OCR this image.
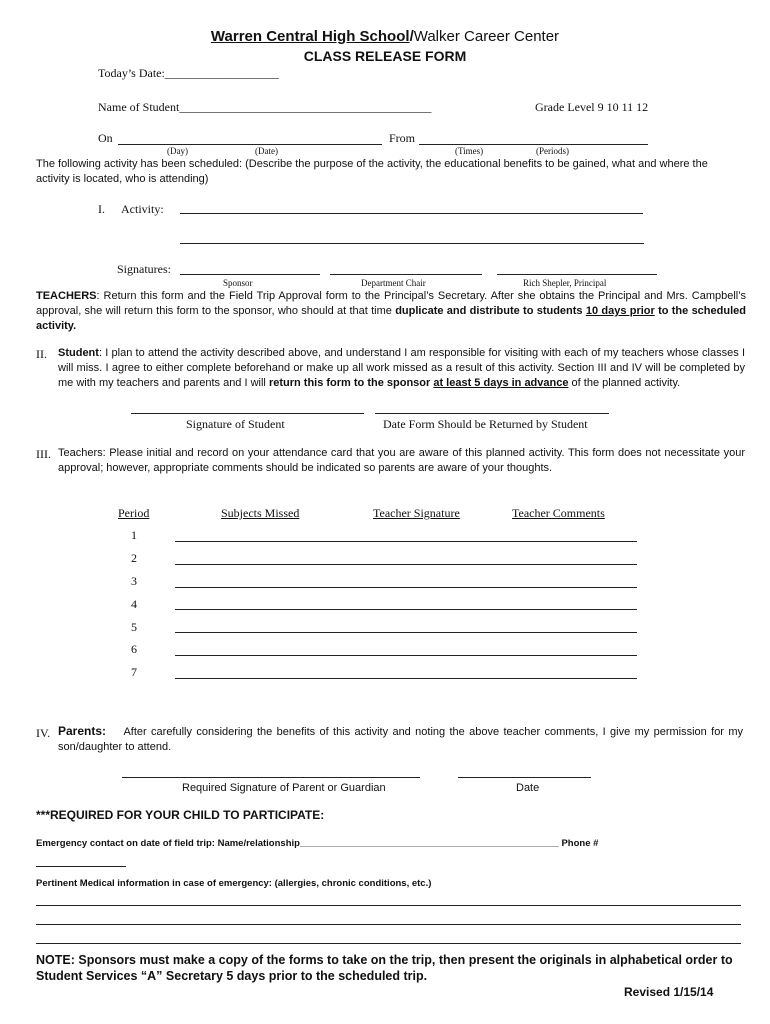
Warren Central High School/Walker Career Center
CLASS RELEASE FORM
Today’s Date:___________________
Name of Student__________________________________________	Grade Level 9 10 11 12
On	From
(Day)	(Date)	(Times)	(Periods)
The following activity has been scheduled: (Describe the purpose of the activity, the educational benefits to be gained, what and where the activity is located, who is attending)
I. Activity:
Signatures:
Sponsor	Department Chair	Rich Shepler, Principal
TEACHERS: Return this form and the Field Trip Approval form to the Principal’s Secretary. After she obtains the Principal and Mrs. Campbell’s approval, she will return this form to the sponsor, who should at that time duplicate and distribute to students 10 days prior to the scheduled activity.
II. Student: I plan to attend the activity described above, and understand I am responsible for visiting with each of my teachers whose classes I will miss. I agree to either complete beforehand or make up all work missed as a result of this activity. Section III and IV will be completed by me with my teachers and parents and I will return this form to the sponsor at least 5 days in advance of the planned activity.
Signature of Student	Date Form Should be Returned by Student
III. Teachers: Please initial and record on your attendance card that you are aware of this planned activity. This form does not necessitate your approval; however, appropriate comments should be indicated so parents are aware of your thoughts.
Period	Subjects Missed	Teacher Signature	Teacher Comments
1
2
3
4
5
6
7
IV. Parents: After carefully considering the benefits of this activity and noting the above teacher comments, I give my permission for my son/daughter to attend.
Required Signature of Parent or Guardian	Date
***REQUIRED FOR YOUR CHILD TO PARTICIPATE:
Emergency contact on date of field trip: Name/relationship_________________________________________________ Phone #
Pertinent Medical information in case of emergency: (allergies, chronic conditions, etc.)
NOTE: Sponsors must make a copy of the forms to take on the trip, then present the originals in alphabetical order to Student Services “A” Secretary 5 days prior to the scheduled trip.
Revised 1/15/14
